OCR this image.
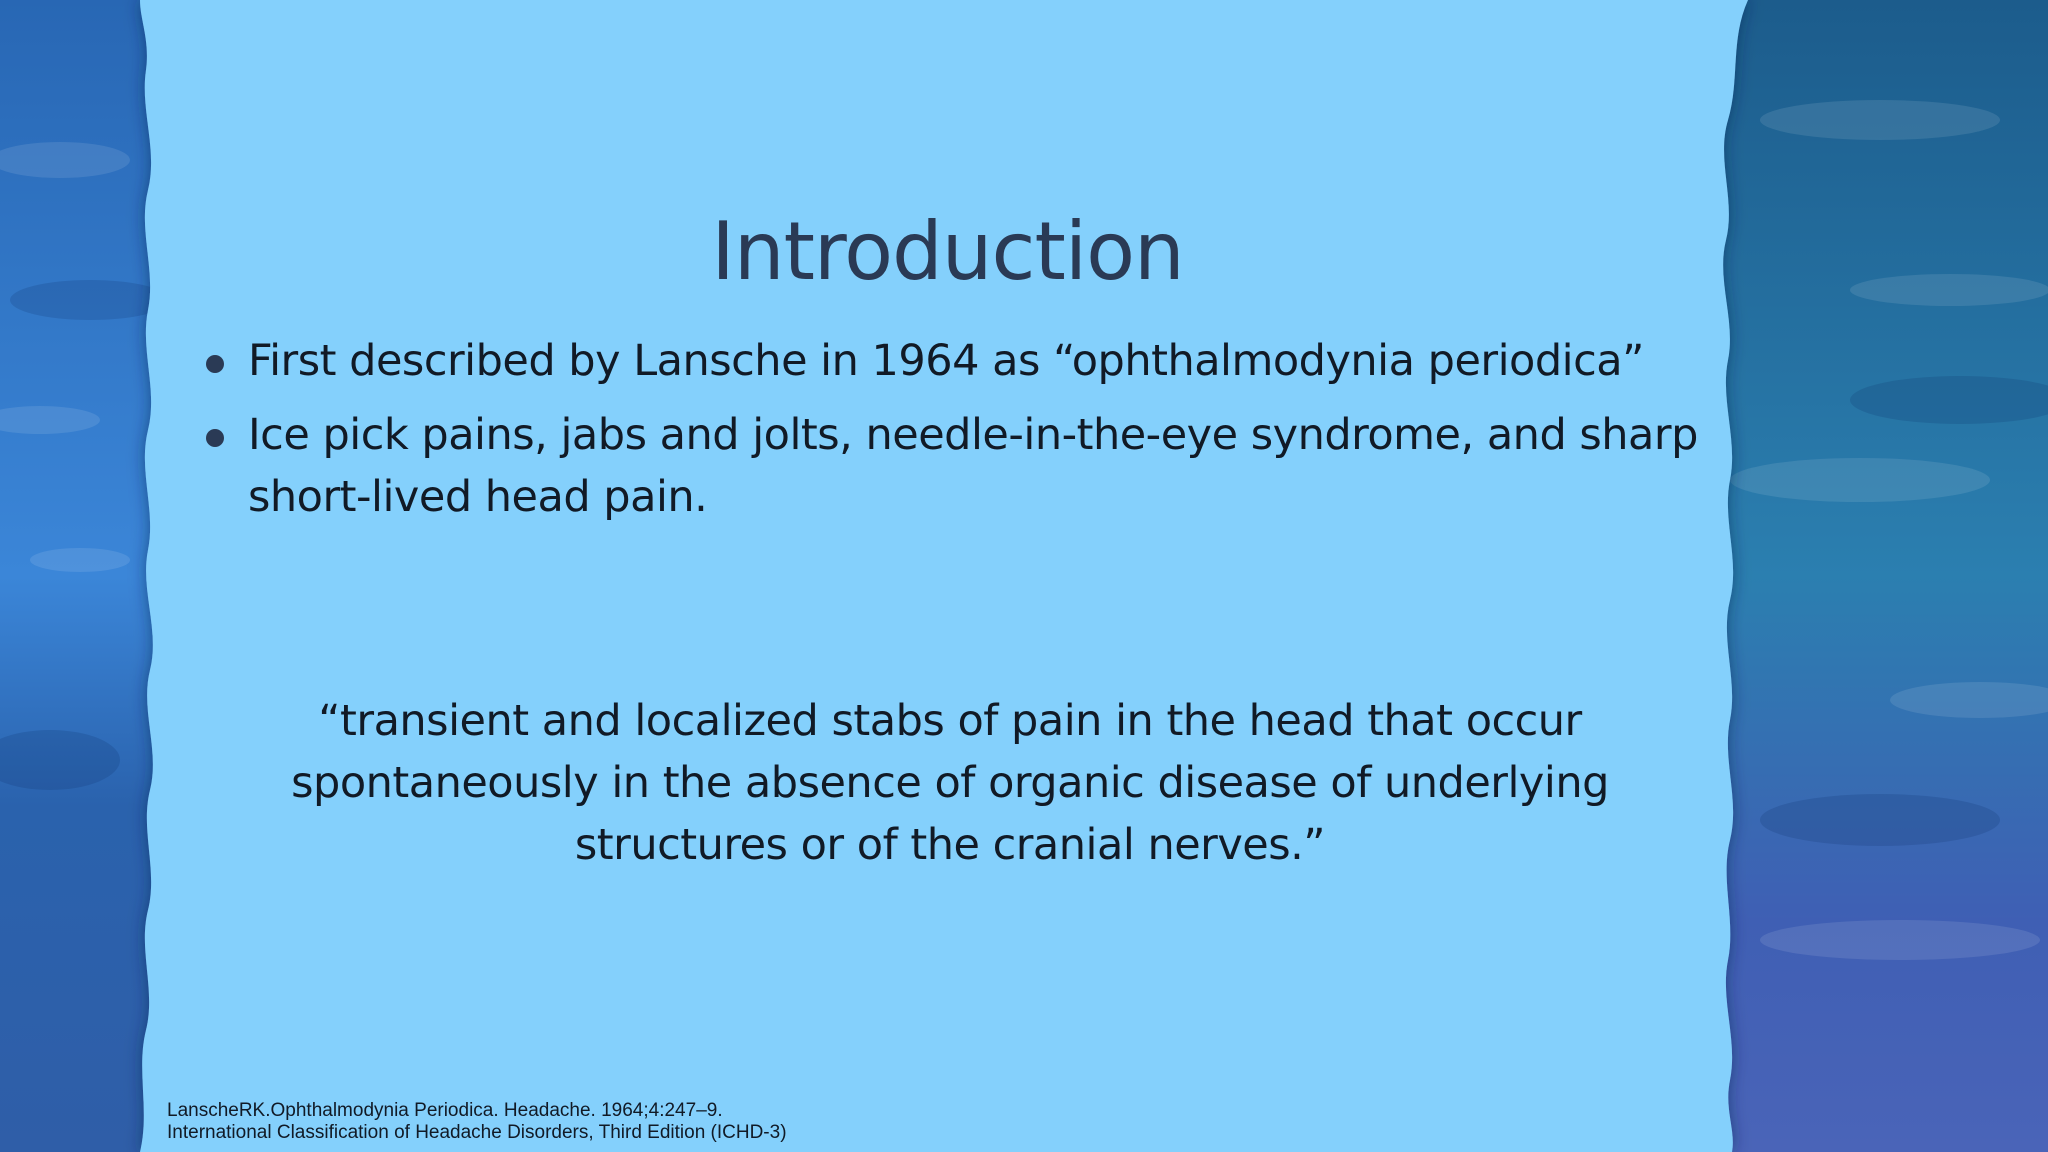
Introduction
First described by Lansche in 1964 as “ophthalmodynia periodica”
Ice pick pains, jabs and jolts, needle-in-the-eye syndrome, and sharp short-lived head pain.

“transient and localized stabs of pain in the head that occur spontaneously in the absence of organic disease of underlying structures or of the cranial nerves.”

LanscheRK.Ophthalmodynia Periodica. Headache. 1964;4:247–9.
International Classification of Headache Disorders, Third Edition (ICHD-3)
